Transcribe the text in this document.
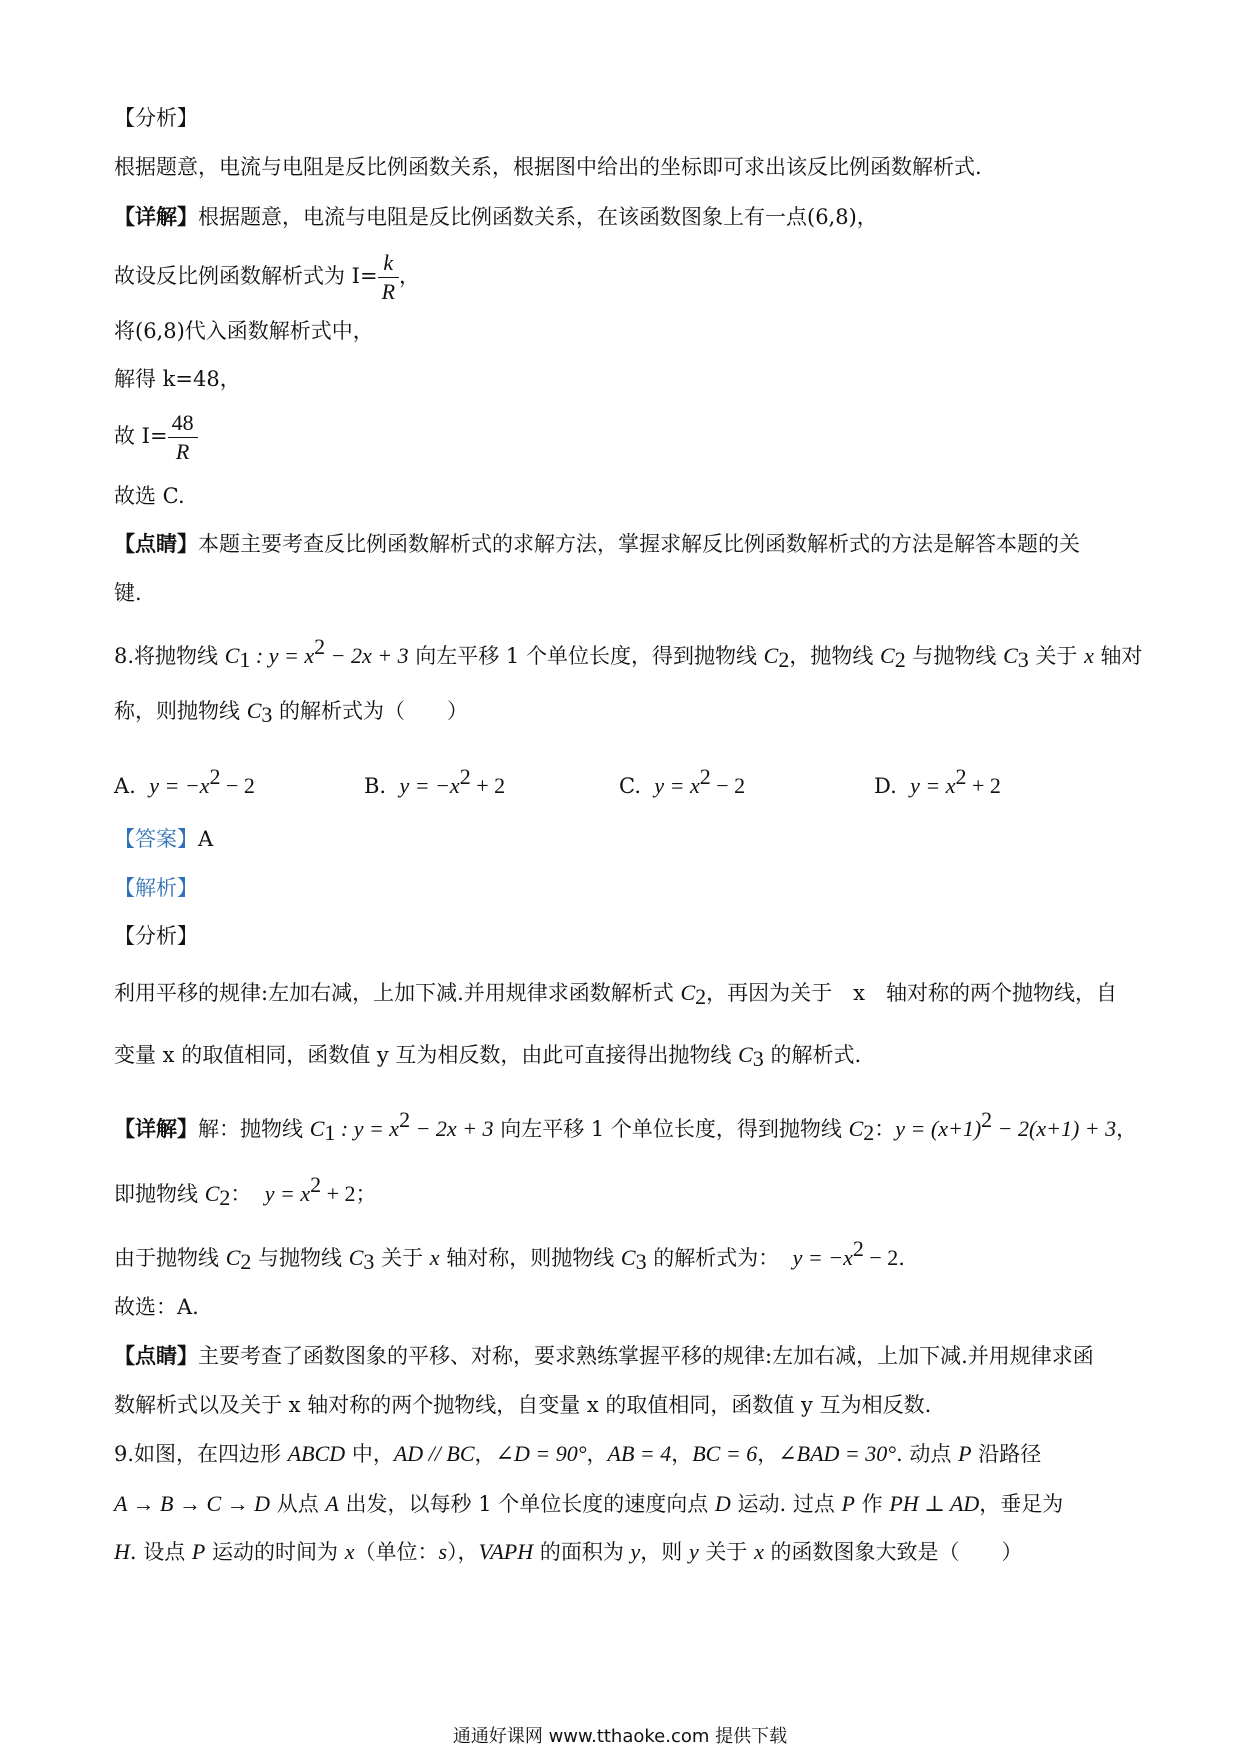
【分析】
根据题意，电流与电阻是反比例函数关系，根据图中给出的坐标即可求出该反比例函数解析式.
【详解】根据题意，电流与电阻是反比例函数关系，在该函数图象上有一点(6,8)，
故设反比例函数解析式为 $I= \frac{k}{R}$ ，
将(6,8)代入函数解析式中，
解得 k=48，
故 $I= \frac{48}{R}$
故选 C.
【点睛】本题主要考查反比例函数解析式的求解方法，掌握求解反比例函数解析式的方法是解答本题的关
键.
8.将抛物线 $C_1$ : $y = x^2 - 2x + 3$ 向左平移 1 个单位长度，得到抛物线 $C_2$，抛物线 $C_2$ 与抛物线 $C_3$ 关于 x 轴对
称，则抛物线 $C_3$ 的解析式为（　　）
A. $y = -x^2 - 2$	B. $y = -x^2 + 2$	C. $y = x^2 - 2$	D. $y = x^2 + 2$
【答案】A
【解析】
【分析】
利用平移的规律:左加右减，上加下减.并用规律求函数解析式 $C_2$，再因为关于　x　轴对称的两个抛物线，自
变量 x 的取值相同，函数值 y 互为相反数，由此可直接得出抛物线 $C_3$ 的解析式.
【详解】解：抛物线 $C_1$ : $y = x^2 - 2x + 3$ 向左平移 1 个单位长度，得到抛物线 $C_2$：$y = (x+1)^2 - 2(x+1) + 3$，
即抛物线 $C_2$： $y = x^2 + 2$；
由于抛物线 $C_2$ 与抛物线 $C_3$ 关于 x 轴对称，则抛物线 $C_3$ 的解析式为： $y = -x^2 - 2$.
故选：A.
【点睛】主要考查了函数图象的平移、对称，要求熟练掌握平移的规律:左加右减，上加下减.并用规律求函
数解析式以及关于 x 轴对称的两个抛物线，自变量 x 的取值相同，函数值 y 互为相反数.
9.如图，在四边形 ABCD 中，AD // BC，∠D = 90°，AB = 4，BC = 6，∠BAD = 30°. 动点 P 沿路径
A → B → C → D 从点 A 出发，以每秒 1 个单位长度的速度向点 D 运动. 过点 P 作 PH ⊥ AD，垂足为
H. 设点 P 运动的时间为 x（单位：s），VAPH 的面积为 y，则 y 关于 x 的函数图象大致是（　　）
通通好课网 www.tthaoke.com 提供下载
